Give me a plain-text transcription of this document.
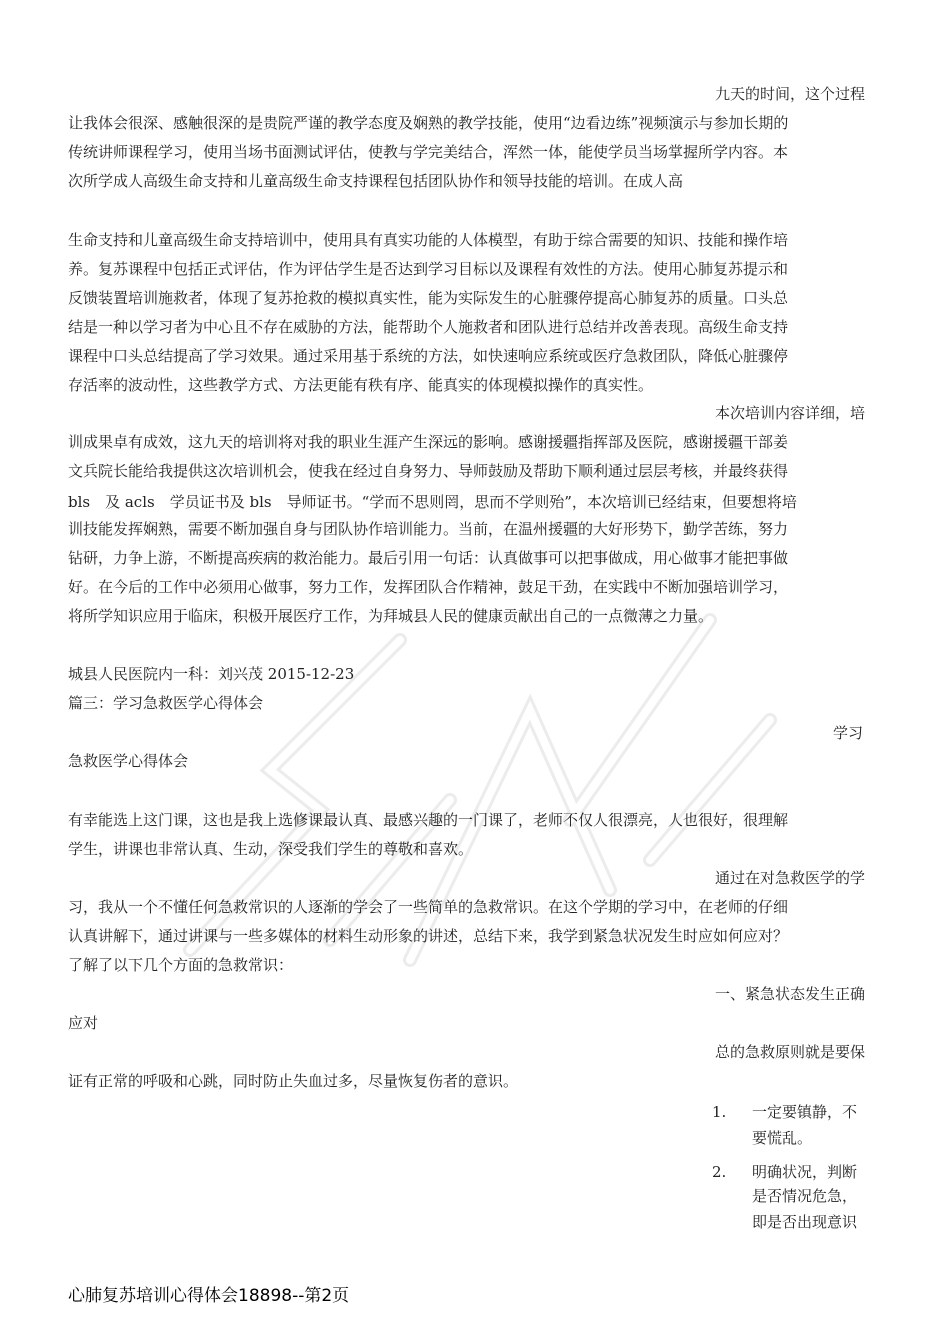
九天的时间，这个过程
让我体会很深、感触很深的是贵院严谨的教学态度及娴熟的教学技能，使用“边看边练”视频演示与参加长期的
传统讲师课程学习，使用当场书面测试评估，使教与学完美结合，浑然一体，能使学员当场掌握所学内容。本
次所学成人高级生命支持和儿童高级生命支持课程包括团队协作和领导技能的培训。在成人高
生命支持和儿童高级生命支持培训中，使用具有真实功能的人体模型，有助于综合需要的知识、技能和操作培
养。复苏课程中包括正式评估，作为评估学生是否达到学习目标以及课程有效性的方法。使用心肺复苏提示和
反馈装置培训施救者，体现了复苏抢救的模拟真实性，能为实际发生的心脏骤停提高心肺复苏的质量。口头总
结是一种以学习者为中心且不存在威胁的方法，能帮助个人施救者和团队进行总结并改善表现。高级生命支持
课程中口头总结提高了学习效果。通过采用基于系统的方法，如快速响应系统或医疗急救团队，降低心脏骤停
存活率的波动性，这些教学方式、方法更能有秩有序、能真实的体现模拟操作的真实性。
本次培训内容详细，培
训成果卓有成效，这九天的培训将对我的职业生涯产生深远的影响。感谢援疆指挥部及医院，感谢援疆干部姜
文兵院长能给我提供这次培训机会，使我在经过自身努力、导师鼓励及帮助下顺利通过层层考核，并最终获得
bls　及 acls　学员证书及 bls　导师证书。“学而不思则罔，思而不学则殆”，本次培训已经结束，但要想将培
训技能发挥娴熟，需要不断加强自身与团队协作培训能力。当前，在温州援疆的大好形势下，勤学苦练，努力
钻研，力争上游，不断提高疾病的救治能力。最后引用一句话：认真做事可以把事做成，用心做事才能把事做
好。在今后的工作中必须用心做事，努力工作，发挥团队合作精神，鼓足干劲，在实践中不断加强培训学习，
将所学知识应用于临床，积极开展医疗工作，为拜城县人民的健康贡献出自己的一点微薄之力量。
城县人民医院内一科：刘兴茂 2015-12-23
篇三：学习急救医学心得体会
学习
急救医学心得体会
有幸能选上这门课，这也是我上选修课最认真、最感兴趣的一门课了，老师不仅人很漂亮，人也很好，很理解
学生，讲课也非常认真、生动，深受我们学生的尊敬和喜欢。
通过在对急救医学的学
习，我从一个不懂任何急救常识的人逐渐的学会了一些简单的急救常识。在这个学期的学习中，在老师的仔细
认真讲解下，通过讲课与一些多媒体的材料生动形象的讲述，总结下来，我学到紧急状况发生时应如何应对？
了解了以下几个方面的急救常识：
一、紧急状态发生正确
应对
总的急救原则就是要保
证有正常的呼吸和心跳，同时防止失血过多，尽量恢复伤者的意识。
1. 一定要镇静，不
要慌乱。
2. 明确状况，判断
是否情况危急，
即是否出现意识
心肺复苏培训心得体会18898--第2页
